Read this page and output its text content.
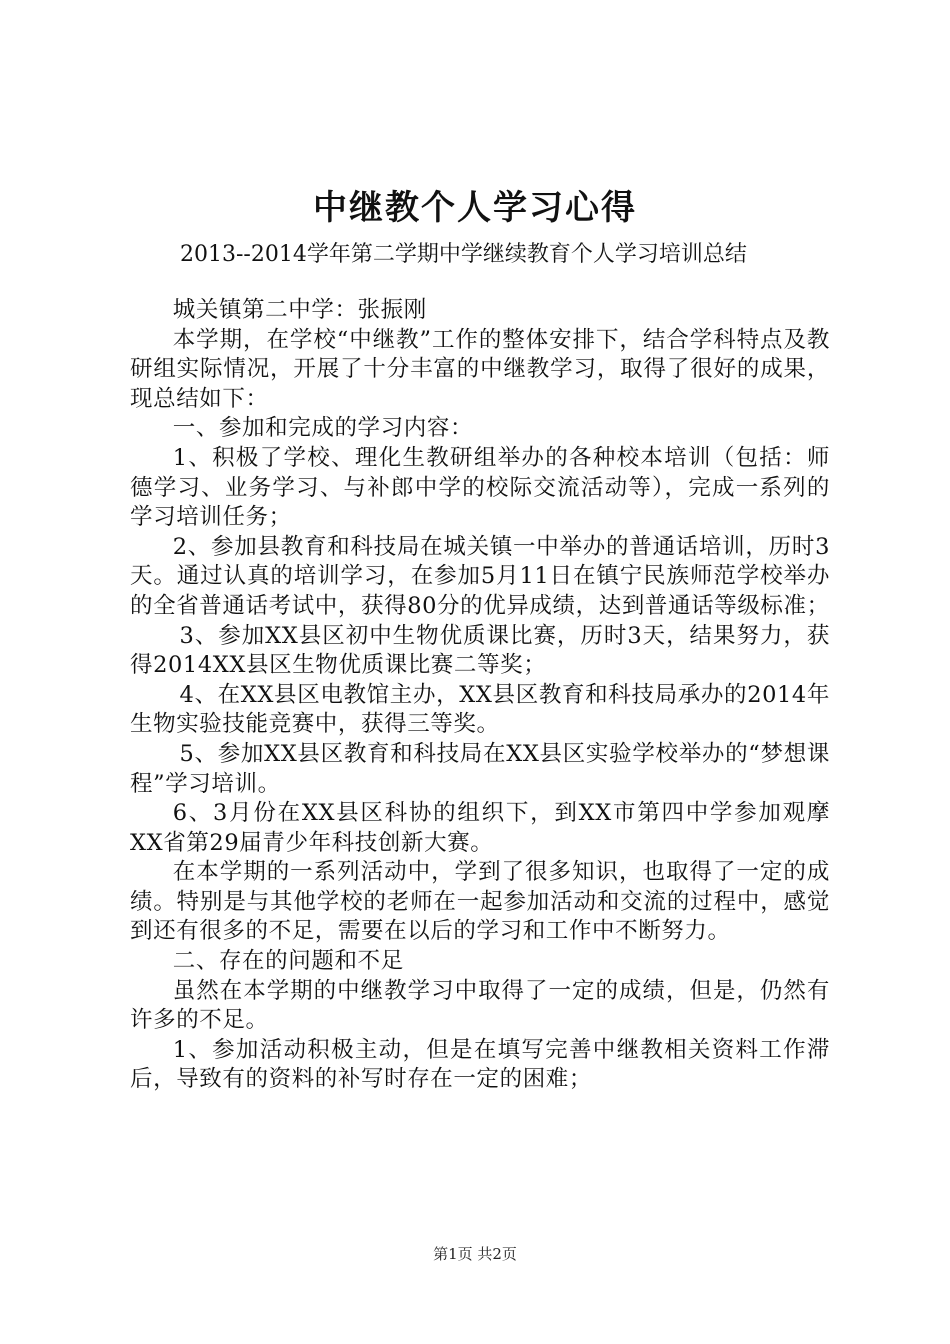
中继教个人学习心得
2013--2014学年第二学期中学继续教育个人学习培训总结

城关镇第二中学：张振刚

本学期，在学校“中继教”工作的整体安排下，结合学科特点及教研组实际情况，开展了十分丰富的中继教学习，取得了很好的成果，现总结如下：

一、参加和完成的学习内容：

1、积极了学校、理化生教研组举办的各种校本培训（包括：师德学习、业务学习、与补郎中学的校际交流活动等），完成一系列的学习培训任务；

2、参加县教育和科技局在城关镇一中举办的普通话培训，历时3天。通过认真的培训学习，在参加5月11日在镇宁民族师范学校举办的全省普通话考试中，获得80分的优异成绩，达到普通话等级标准；

3、参加XX县区初中生物优质课比赛，历时3天，结果努力，获得2014XX县区生物优质课比赛二等奖；

4、在XX县区电教馆主办，XX县区教育和科技局承办的2014年生物实验技能竞赛中，获得三等奖。

5、参加XX县区教育和科技局在XX县区实验学校举办的“梦想课程”学习培训。

6、3月份在XX县区科协的组织下，到XX市第四中学参加观摩XX省第29届青少年科技创新大赛。

在本学期的一系列活动中，学到了很多知识，也取得了一定的成绩。特别是与其他学校的老师在一起参加活动和交流的过程中，感觉到还有很多的不足，需要在以后的学习和工作中不断努力。

二、存在的问题和不足

虽然在本学期的中继教学习中取得了一定的成绩，但是，仍然有许多的不足。

1、参加活动积极主动，但是在填写完善中继教相关资料工作滞后，导致有的资料的补写时存在一定的困难；

第1页 共2页
